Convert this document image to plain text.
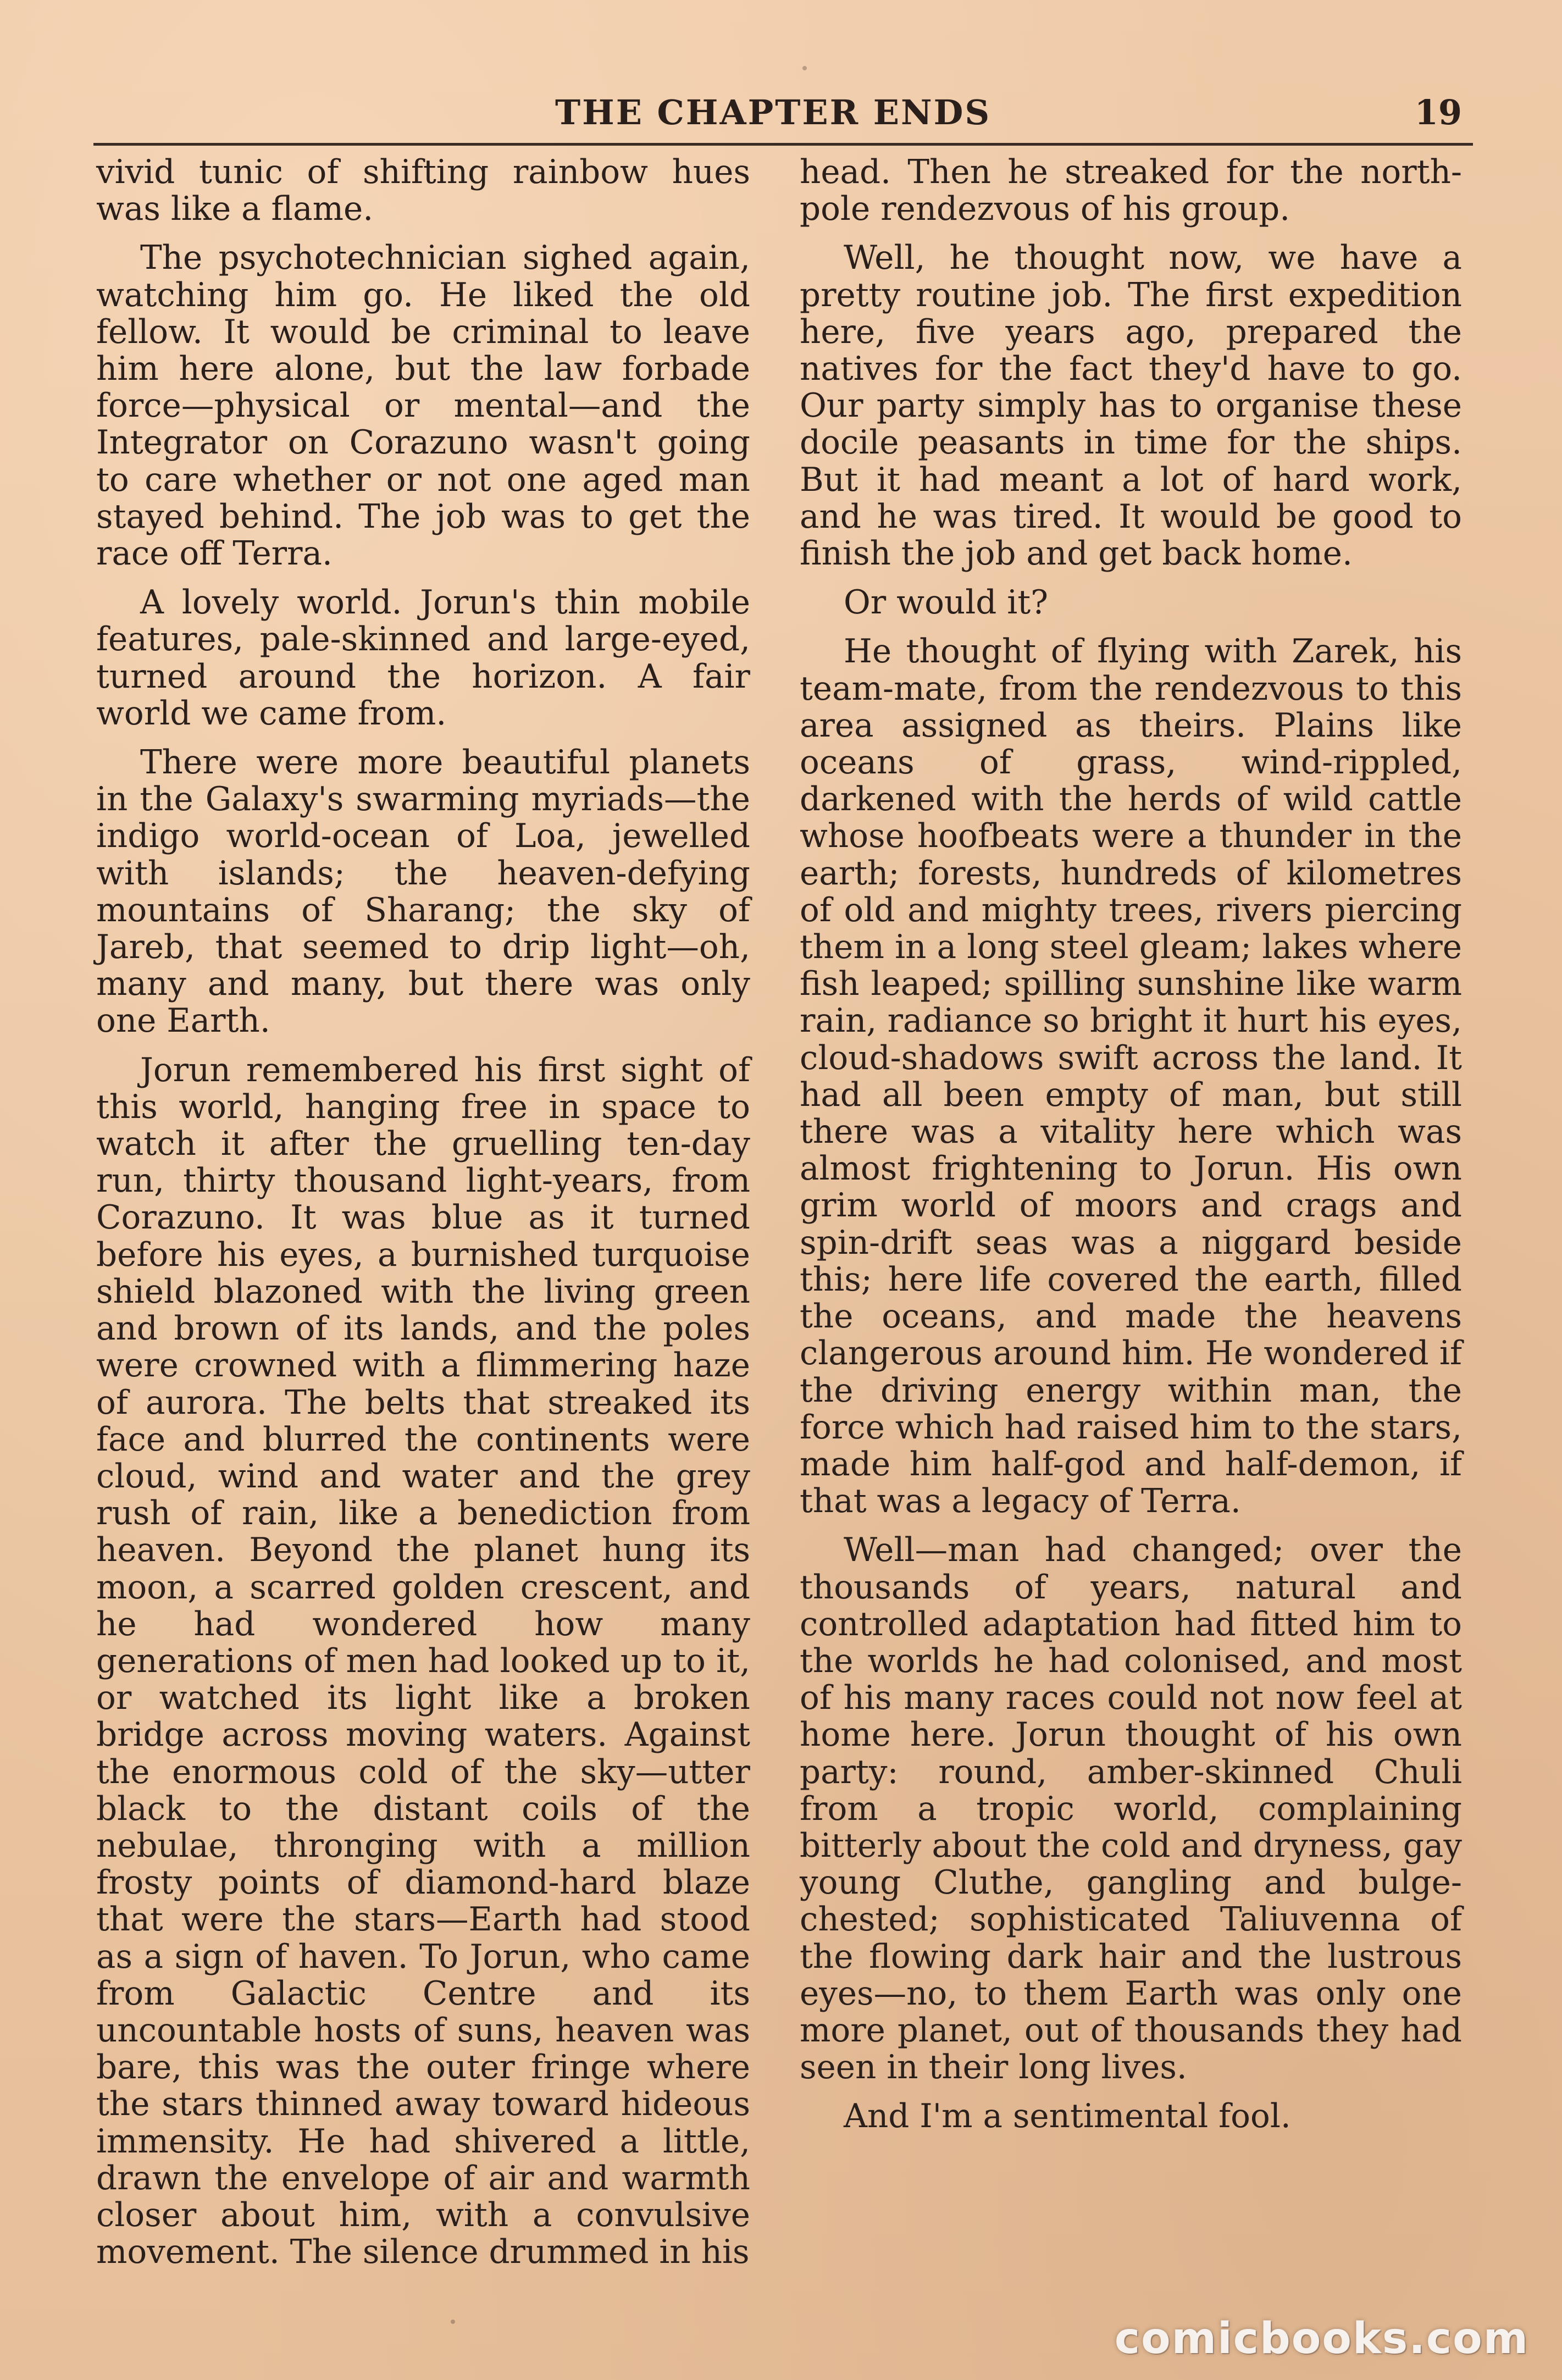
THE CHAPTER ENDS	19

vivid tunic of shifting rainbow hues was like a flame.

The psychotechnician sighed again, watching him go. He liked the old fellow. It would be criminal to leave him here alone, but the law forbade force—physical or mental—and the Integrator on Corazuno wasn't going to care whether or not one aged man stayed behind. The job was to get the race off Terra.

A lovely world. Jorun's thin mobile features, pale-skinned and large-eyed, turned around the horizon. A fair world we came from.

There were more beautiful planets in the Galaxy's swarming myriads—the indigo world-ocean of Loa, jewelled with islands; the heaven-defying mountains of Sharang; the sky of Jareb, that seemed to drip light—oh, many and many, but there was only one Earth.

Jorun remembered his first sight of this world, hanging free in space to watch it after the gruelling ten-day run, thirty thousand light-years, from Corazuno. It was blue as it turned before his eyes, a burnished turquoise shield blazoned with the living green and brown of its lands, and the poles were crowned with a flimmering haze of aurora. The belts that streaked its face and blurred the continents were cloud, wind and water and the grey rush of rain, like a benediction from heaven. Beyond the planet hung its moon, a scarred golden crescent, and he had wondered how many generations of men had looked up to it, or watched its light like a broken bridge across moving waters. Against the enormous cold of the sky—utter black to the distant coils of the nebulae, thronging with a million frosty points of diamond-hard blaze that were the stars—Earth had stood as a sign of haven. To Jorun, who came from Galactic Centre and its uncountable hosts of suns, heaven was bare, this was the outer fringe where the stars thinned away toward hideous immensity. He had shivered a little, drawn the envelope of air and warmth closer about him, with a convulsive movement. The silence drummed in his

head. Then he streaked for the north-pole rendezvous of his group.

Well, he thought now, we have a pretty routine job. The first expedition here, five years ago, prepared the natives for the fact they'd have to go. Our party simply has to organise these docile peasants in time for the ships. But it had meant a lot of hard work, and he was tired. It would be good to finish the job and get back home.

Or would it?

He thought of flying with Zarek, his team-mate, from the rendezvous to this area assigned as theirs. Plains like oceans of grass, wind-rippled, darkened with the herds of wild cattle whose hoofbeats were a thunder in the earth; forests, hundreds of kilometres of old and mighty trees, rivers piercing them in a long steel gleam; lakes where fish leaped; spilling sunshine like warm rain, radiance so bright it hurt his eyes, cloud-shadows swift across the land. It had all been empty of man, but still there was a vitality here which was almost frightening to Jorun. His own grim world of moors and crags and spin-drift seas was a niggard beside this; here life covered the earth, filled the oceans, and made the heavens clangerous around him. He wondered if the driving energy within man, the force which had raised him to the stars, made him half-god and half-demon, if that was a legacy of Terra.

Well—man had changed; over the thousands of years, natural and controlled adaptation had fitted him to the worlds he had colonised, and most of his many races could not now feel at home here. Jorun thought of his own party: round, amber-skinned Chuli from a tropic world, complaining bitterly about the cold and dryness, gay young Cluthe, gangling and bulge-chested; sophisticated Taliuvenna of the flowing dark hair and the lustrous eyes—no, to them Earth was only one more planet, out of thousands they had seen in their long lives.

And I'm a sentimental fool.

comicbooks.com
